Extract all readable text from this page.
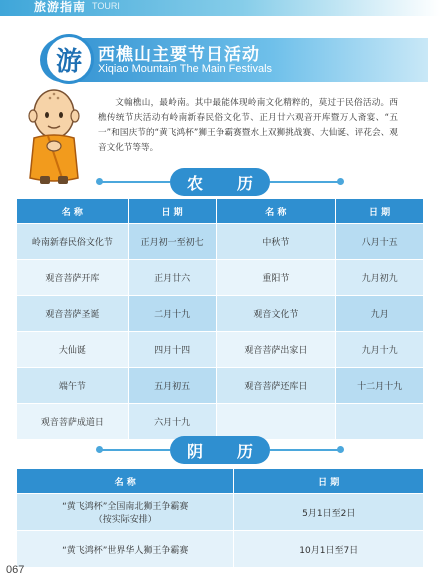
旅游指南 TOURI
游 西樵山主要节日活动
Xiqiao Mountain The Main Festivals
文翰樵山，最岭南。其中最能体现岭南文化精粹的，莫过于民俗活动。西樵传统节庆活动有岭南新春民俗文化节、正月廿六观音开库暨万人斋宴、“五一”和国庆节的“黄飞鸿杯”狮王争霸赛暨水上双狮挑战赛、大仙诞、评花会、观音文化节等等。
农 历
名 称	日 期	名 称	日 期
岭南新春民俗文化节	正月初一至初七	中秋节	八月十五
观音菩萨开库	正月廿六	重阳节	九月初九
观音菩萨圣诞	二月十九	观音文化节	九月
大仙诞	四月十四	观音菩萨出家日	九月十九
端午节	五月初五	观音菩萨还库日	十二月十九
观音菩萨成道日	六月十九		
阴 历
名 称	日 期

“黄飞鸿杯”全国南北狮王争霸赛
（按实际安排）	5月1日至2日

“黄飞鸿杯”世界华人狮王争霸赛	10月1日至7日
067
